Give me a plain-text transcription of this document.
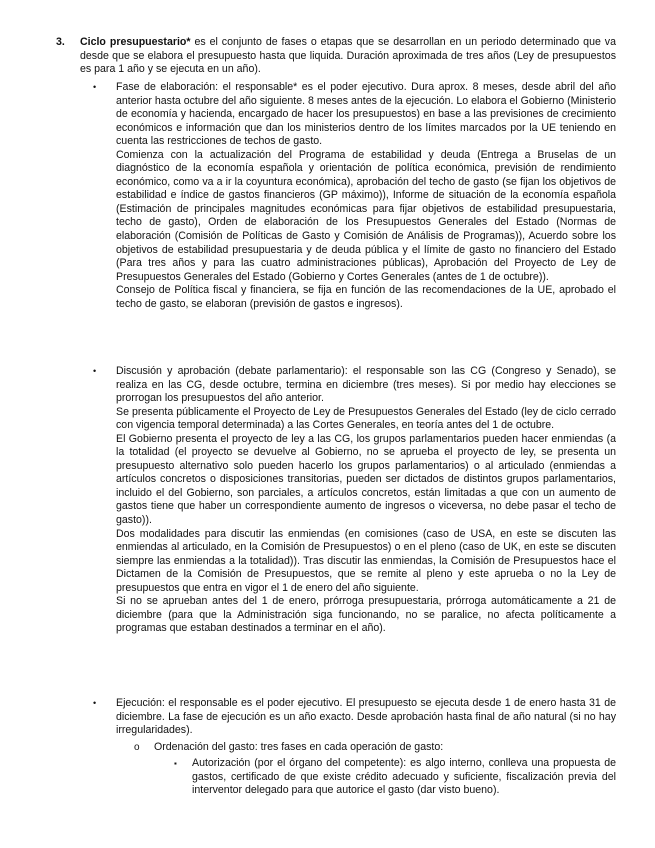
3. Ciclo presupuestario* es el conjunto de fases o etapas que se desarrollan en un periodo determinado que va desde que se elabora el presupuesto hasta que liquida. Duración aproximada de tres años (Ley de presupuestos es para 1 año y se ejecuta en un año).

• Fase de elaboración: el responsable* es el poder ejecutivo. Dura aprox. 8 meses, desde abril del año anterior hasta octubre del año siguiente. 8 meses antes de la ejecución. Lo elabora el Gobierno (Ministerio de economía y hacienda, encargado de hacer los presupuestos) en base a las previsiones de crecimiento económicos e información que dan los ministerios dentro de los límites marcados por la UE teniendo en cuenta las restricciones de techos de gasto.

Comienza con la actualización del Programa de estabilidad y deuda (Entrega a Bruselas de un diagnóstico de la economía española y orientación de política económica, previsión de rendimiento económico, como va a ir la coyuntura económica), aprobación del techo de gasto (se fijan los objetivos de estabilidad e índice de gastos financieros (GP máximo)), Informe de situación de la economía española (Estimación de principales magnitudes económicas para fijar objetivos de estabilidad presupuestaria, techo de gasto), Orden de elaboración de los Presupuestos Generales del Estado (Normas de elaboración (Comisión de Políticas de Gasto y Comisión de Análisis de Programas)), Acuerdo sobre los objetivos de estabilidad presupuestaria y de deuda pública y el límite de gasto no financiero del Estado (Para tres años y para las cuatro administraciones públicas), Aprobación del Proyecto de Ley de Presupuestos Generales del Estado (Gobierno y Cortes Generales (antes de 1 de octubre)).

Consejo de Política fiscal y financiera, se fija en función de las recomendaciones de la UE, aprobado el techo de gasto, se elaboran (previsión de gastos e ingresos).

• Discusión y aprobación (debate parlamentario): el responsable son las CG (Congreso y Senado), se realiza en las CG, desde octubre, termina en diciembre (tres meses). Si por medio hay elecciones se prorrogan los presupuestos del año anterior.

Se presenta públicamente el Proyecto de Ley de Presupuestos Generales del Estado (ley de ciclo cerrado con vigencia temporal determinada) a las Cortes Generales, en teoría antes del 1 de octubre.

El Gobierno presenta el proyecto de ley a las CG, los grupos parlamentarios pueden hacer enmiendas (a la totalidad (el proyecto se devuelve al Gobierno, no se aprueba el proyecto de ley, se presenta un presupuesto alternativo solo pueden hacerlo los grupos parlamentarios) o al articulado (enmiendas a artículos concretos o disposiciones transitorias, pueden ser dictados de distintos grupos parlamentarios, incluido el del Gobierno, son parciales, a artículos concretos, están limitadas a que con un aumento de gastos tiene que haber un correspondiente aumento de ingresos o viceversa, no debe pasar el techo de gasto)).

Dos modalidades para discutir las enmiendas (en comisiones (caso de USA, en este se discuten las enmiendas al articulado, en la Comisión de Presupuestos) o en el pleno (caso de UK, en este se discuten siempre las enmiendas a la totalidad)). Tras discutir las enmiendas, la Comisión de Presupuestos hace el Dictamen de la Comisión de Presupuestos, que se remite al pleno y este aprueba o no la Ley de presupuestos que entra en vigor el 1 de enero del año siguiente.

Si no se aprueban antes del 1 de enero, prórroga presupuestaria, prórroga automáticamente a 21 de diciembre (para que la Administración siga funcionando, no se paralice, no afecta políticamente a programas que estaban destinados a terminar en el año).

• Ejecución: el responsable es el poder ejecutivo. El presupuesto se ejecuta desde 1 de enero hasta 31 de diciembre. La fase de ejecución es un año exacto. Desde aprobación hasta final de año natural (si no hay irregularidades).

o Ordenación del gasto: tres fases en cada operación de gasto:

▪ Autorización (por el órgano del competente): es algo interno, conlleva una propuesta de gastos, certificado de que existe crédito adecuado y suficiente, fiscalización previa del interventor delegado para que autorice el gasto (dar visto bueno).
